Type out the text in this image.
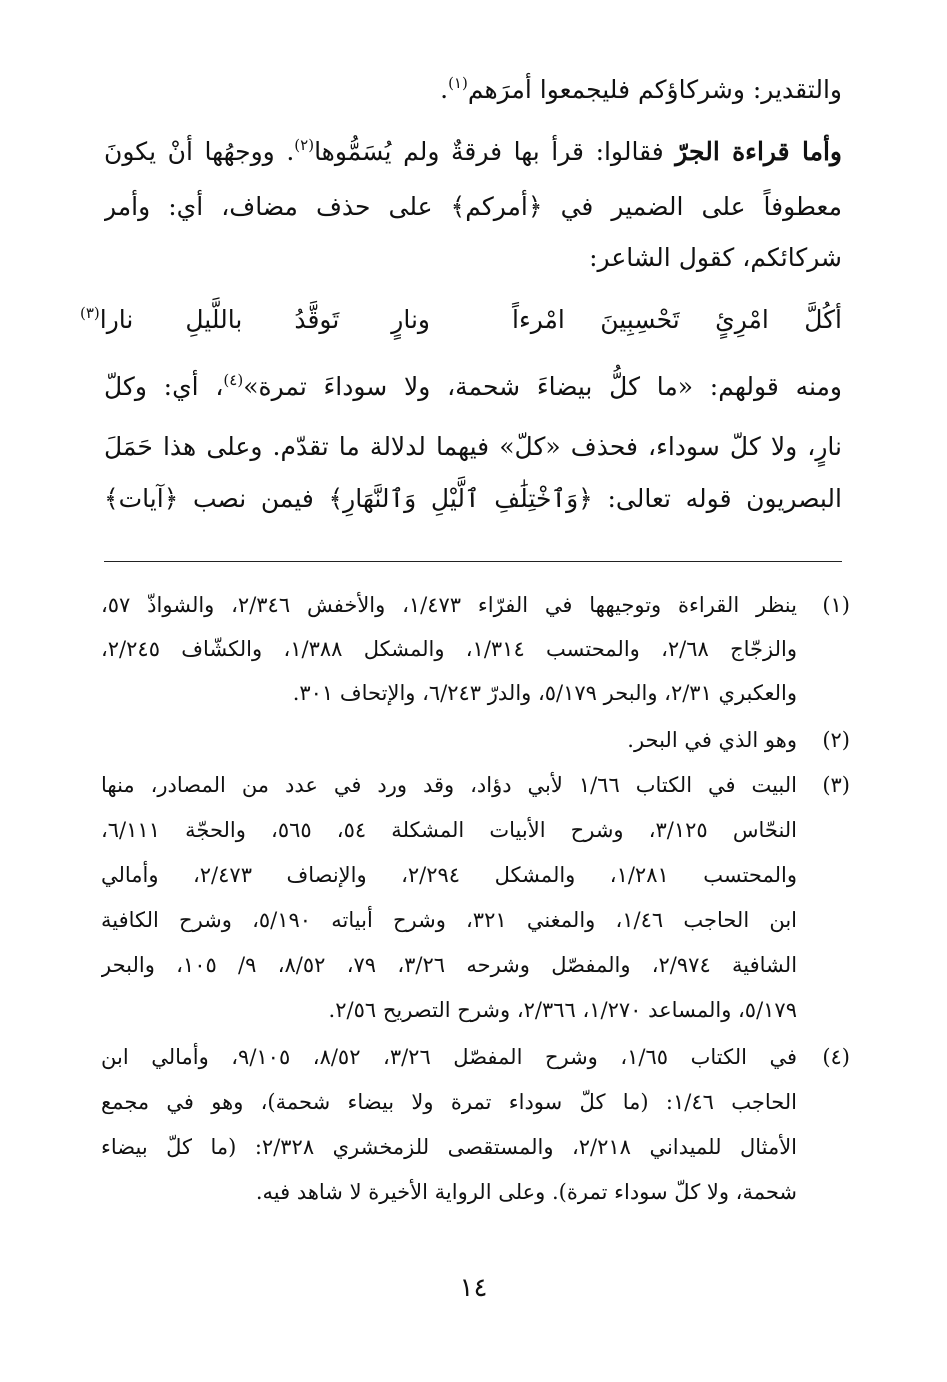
والتقدير: وشركاؤكم فليجمعوا أمرَهم$^{(١)}$.
وأما قراءة الجرّ فقالوا: قرأ بها فرقةٌ ولم يُسَمُّوها$^{(٢)}$. ووجهُها أنْ يكونَ
معطوفاً على الضمير في ﴿أمركم﴾ على حذف مضاف، أي: وأمر
شركائكم، كقول الشاعر:
أكُلَّ امْرِئٍ تَحْسِبِينَ امْرءاً
ونارٍ تَوقَّدُ باللَّيلِ نارا$^{(٣)}$
ومنه قولهم: «ما كلُّ بيضاءَ شحمة، ولا سوداءَ تمرة»$^{(٤)}$، أي: وكلّ
نارٍ، ولا كلّ سوداء، فحذف «كلّ» فيهما لدلالة ما تقدّم. وعلى هذا حَمَلَ
البصريون قوله تعالى: ﴿وَٱخْتِلَٰفِ ٱلَّيْلِ وَٱلنَّهَارِ﴾ فيمن نصب ﴿آيات﴾
(١)
ينظر القراءة وتوجيهها في الفرّاء ١/٤٧٣، والأخفش ٢/٣٤٦، والشواذّ ٥٧،
والزجّاج ٢/٦٨، والمحتسب ١/٣١٤، والمشكل ١/٣٨٨، والكشّاف ٢/٢٤٥،
والعكبري ٢/٣١، والبحر ٥/١٧٩، والدرّ ٦/٢٤٣، والإتحاف ٣٠١.
(٢)
وهو الذي في البحر.
(٣)
البيت في الكتاب ١/٦٦ لأبي دؤاد، وقد ورد في عدد من المصادر، منها
النحّاس ٣/١٢٥، وشرح الأبيات المشكلة ٥٤، ٥٦٥، والحجّة ٦/١١١،
والمحتسب ١/٢٨١، والمشكل ٢/٢٩٤، والإنصاف ٢/٤٧٣، وأمالي
ابن الحاجب ١/٤٦، والمغني ٣٢١، وشرح أبياته ٥/١٩٠، وشرح الكافية
الشافية ٢/٩٧٤، والمفصّل وشرحه ٣/٢٦، ٧٩، ٨/٥٢، ٩/ ١٠٥، والبحر
٥/١٧٩، والمساعد ١/٢٧٠، ٢/٣٦٦، وشرح التصريح ٢/٥٦.
(٤)
في الكتاب ١/٦٥، وشرح المفصّل ٣/٢٦، ٨/٥٢، ٩/١٠٥، وأمالي ابن
الحاجب ١/٤٦: (ما كلّ سوداء تمرة ولا بيضاء شحمة)، وهو في مجمع
الأمثال للميداني ٢/٢١٨، والمستقصى للزمخشري ٢/٣٢٨: (ما كلّ بيضاء
شحمة، ولا كلّ سوداء تمرة). وعلى الرواية الأخيرة لا شاهد فيه.
١٤
